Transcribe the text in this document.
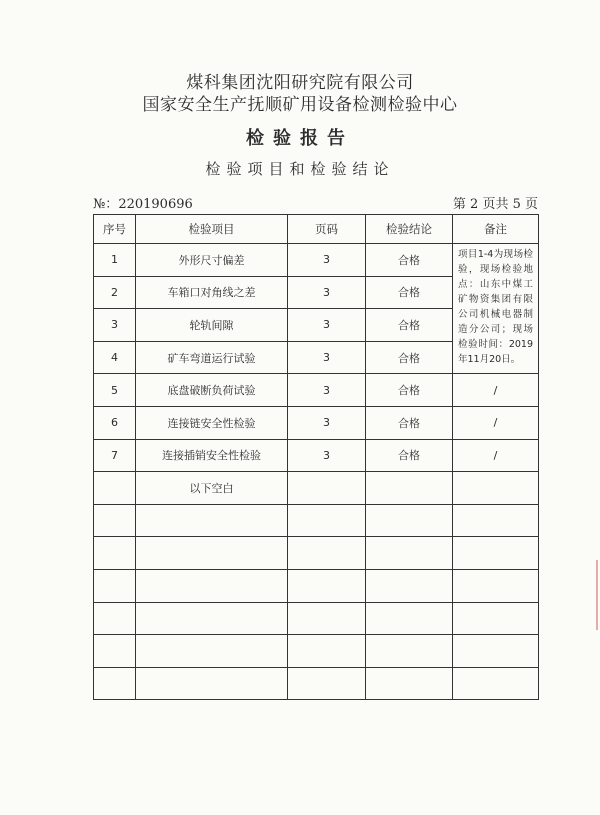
煤科集团沈阳研究院有限公司
国家安全生产抚顺矿用设备检测检验中心
检验报告
检验项目和检验结论
№：220190696	第 2 页共 5 页
序号	检验项目	页码	检验结论	备注
1	外形尺寸偏差	3	合格	项目1-4为现场检验，现场检验地点：山东中煤工矿物资集团有限公司机械电器制造分公司；现场检验时间：2019年11月20日。
2	车箱口对角线之差	3	合格	
3	轮轨间隙	3	合格	
4	矿车弯道运行试验	3	合格	
5	底盘破断负荷试验	3	合格	/
6	连接链安全性检验	3	合格	/
7	连接插销安全性检验	3	合格	/
	以下空白			
